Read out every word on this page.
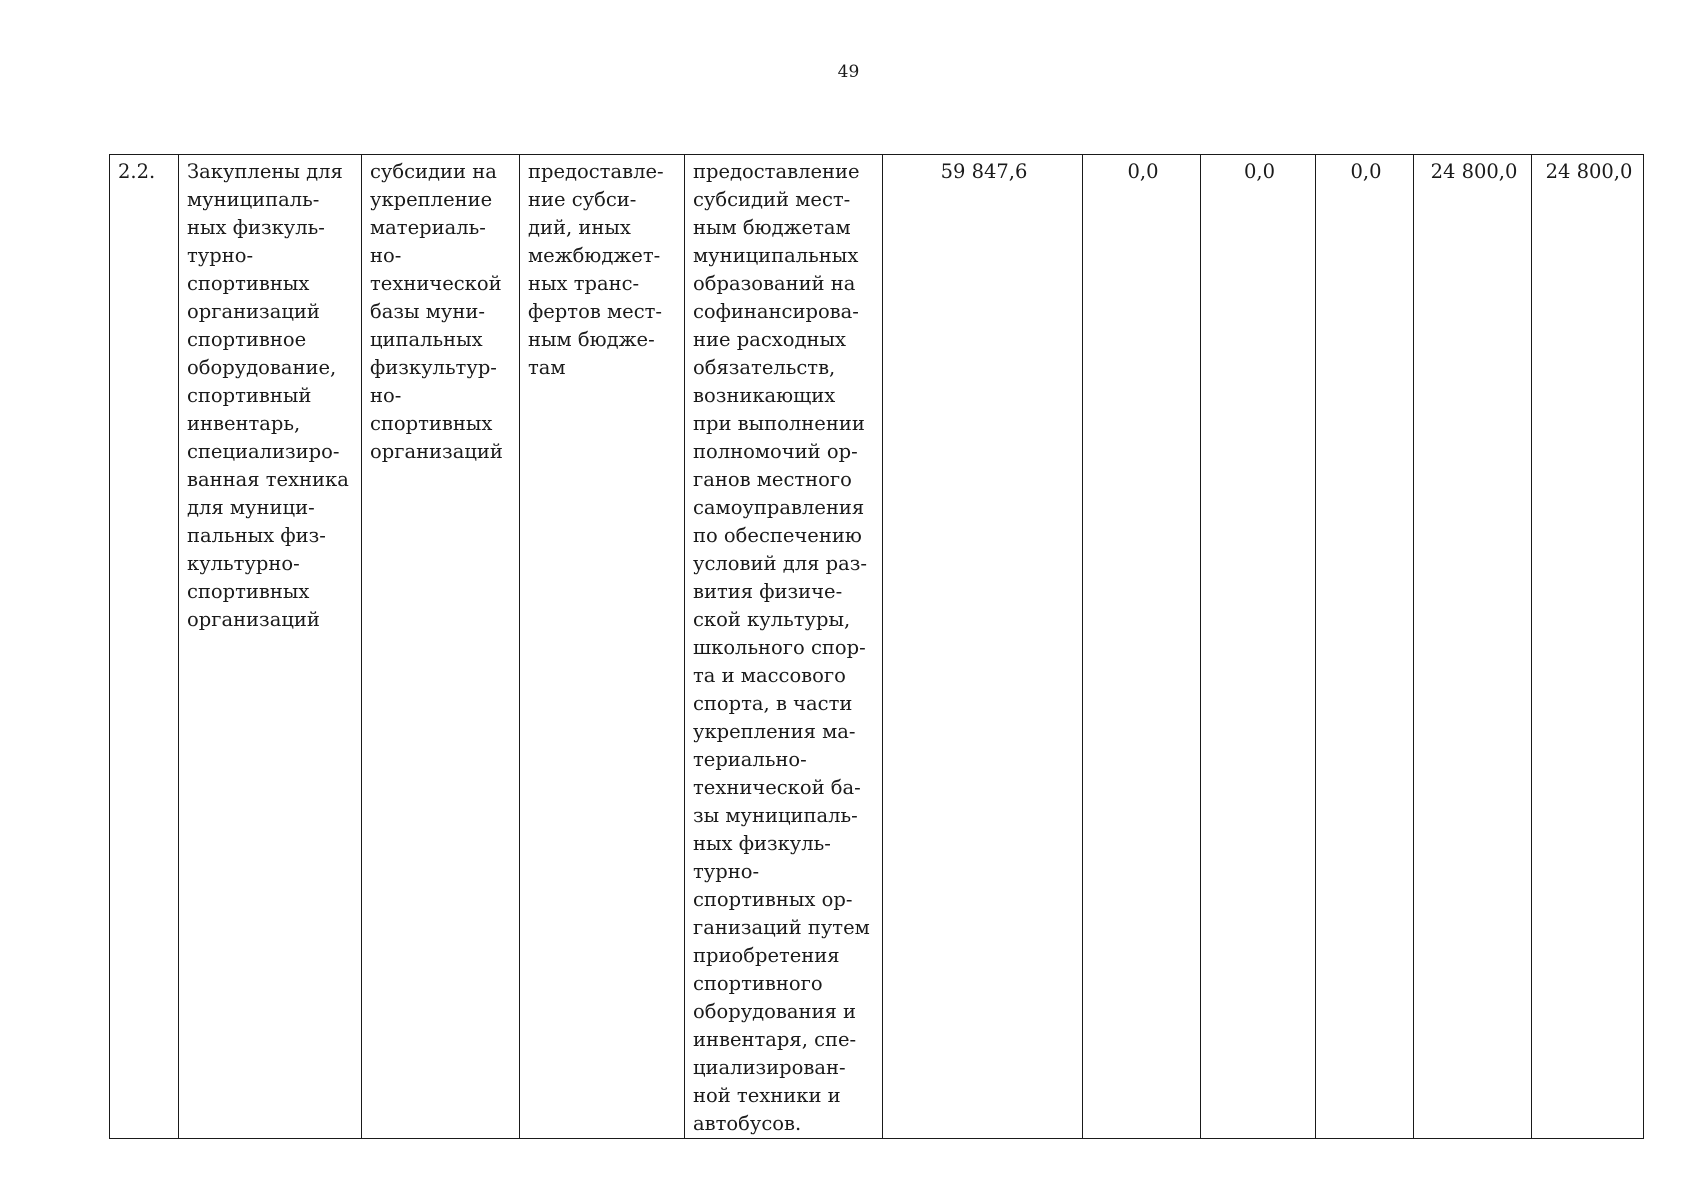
49
2.2.	Закуплены для
муниципаль-
ных физкуль-
турно-
спортивных
организаций
спортивное
оборудование,
спортивный
инвентарь,
специализиро-
ванная техника
для муници-
пальных физ-
культурно-
спортивных
организаций	субсидии на
укрепление
материаль-
но-
технической
базы муни-
ципальных
физкультур-
но-
спортивных
организаций	предоставле-
ние субси-
дий, иных
межбюджет-
ных транс-
фертов мест-
ным бюдже-
там	предоставление
субсидий мест-
ным бюджетам
муниципальных
образований на
софинансирова-
ние расходных
обязательств,
возникающих
при выполнении
полномочий ор-
ганов местного
самоуправления
по обеспечению
условий для раз-
вития физиче-
ской культуры,
школьного спор-
та и массового
спорта, в части
укрепления ма-
териально-
технической ба-
зы муниципаль-
ных физкуль-
турно-
спортивных ор-
ганизаций путем
приобретения
спортивного
оборудования и
инвентаря, спе-
циализирован-
ной техники и
автобусов.	59 847,6	0,0	0,0	0,0	24 800,0	24 800,0
